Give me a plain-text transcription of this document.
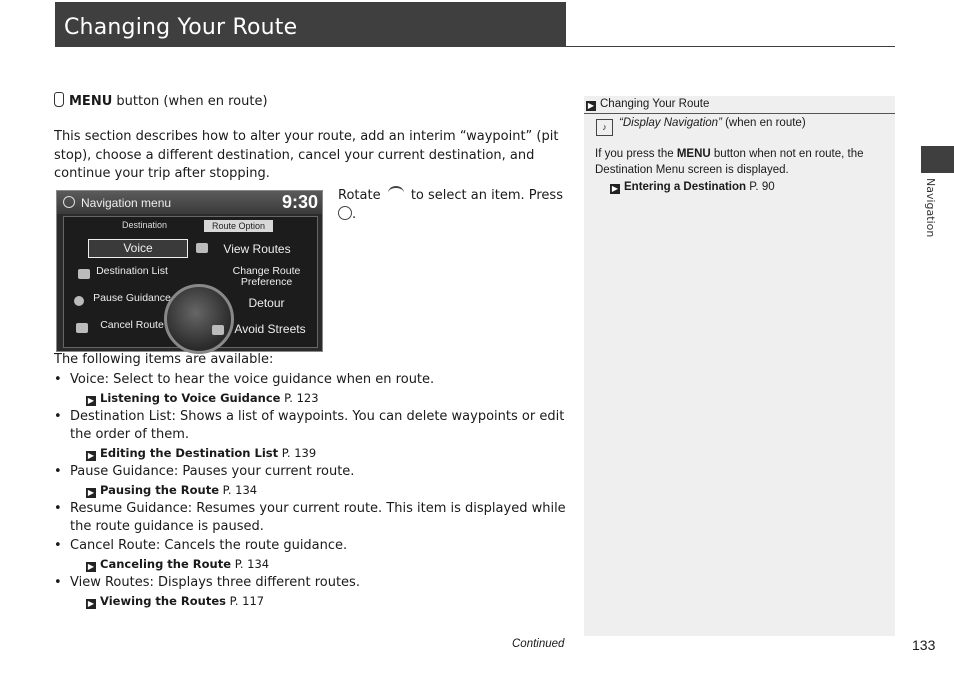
Changing Your Route
MENU button (when en route)
This section describes how to alter your route, add an interim “waypoint” (pit stop), choose a different destination, cancel your current destination, and continue your trip after stopping.
Navigation menu	9:30
Destination	Route Option
Voice
Destination List
Pause Guidance
Cancel Route
View Routes
Change Route Preference
Detour
Avoid Streets
Rotate  to select an item. Press
.
The following items are available:
• Voice: Select to hear the voice guidance when en route.
▶ Listening to Voice Guidance P. 123
• Destination List: Shows a list of waypoints. You can delete waypoints or edit the order of them.
▶ Editing the Destination List P. 139
• Pause Guidance: Pauses your current route.
▶ Pausing the Route P. 134
• Resume Guidance: Resumes your current route. This item is displayed while the route guidance is paused.
• Cancel Route: Cancels the route guidance.
▶ Canceling the Route P. 134
• View Routes: Displays three different routes.
▶ Viewing the Routes P. 117
▶ Changing Your Route
♪ “Display Navigation” (when en route)
If you press the MENU button when not en route, the Destination Menu screen is displayed.
▶ Entering a Destination P. 90	Navigation
Continued	133
